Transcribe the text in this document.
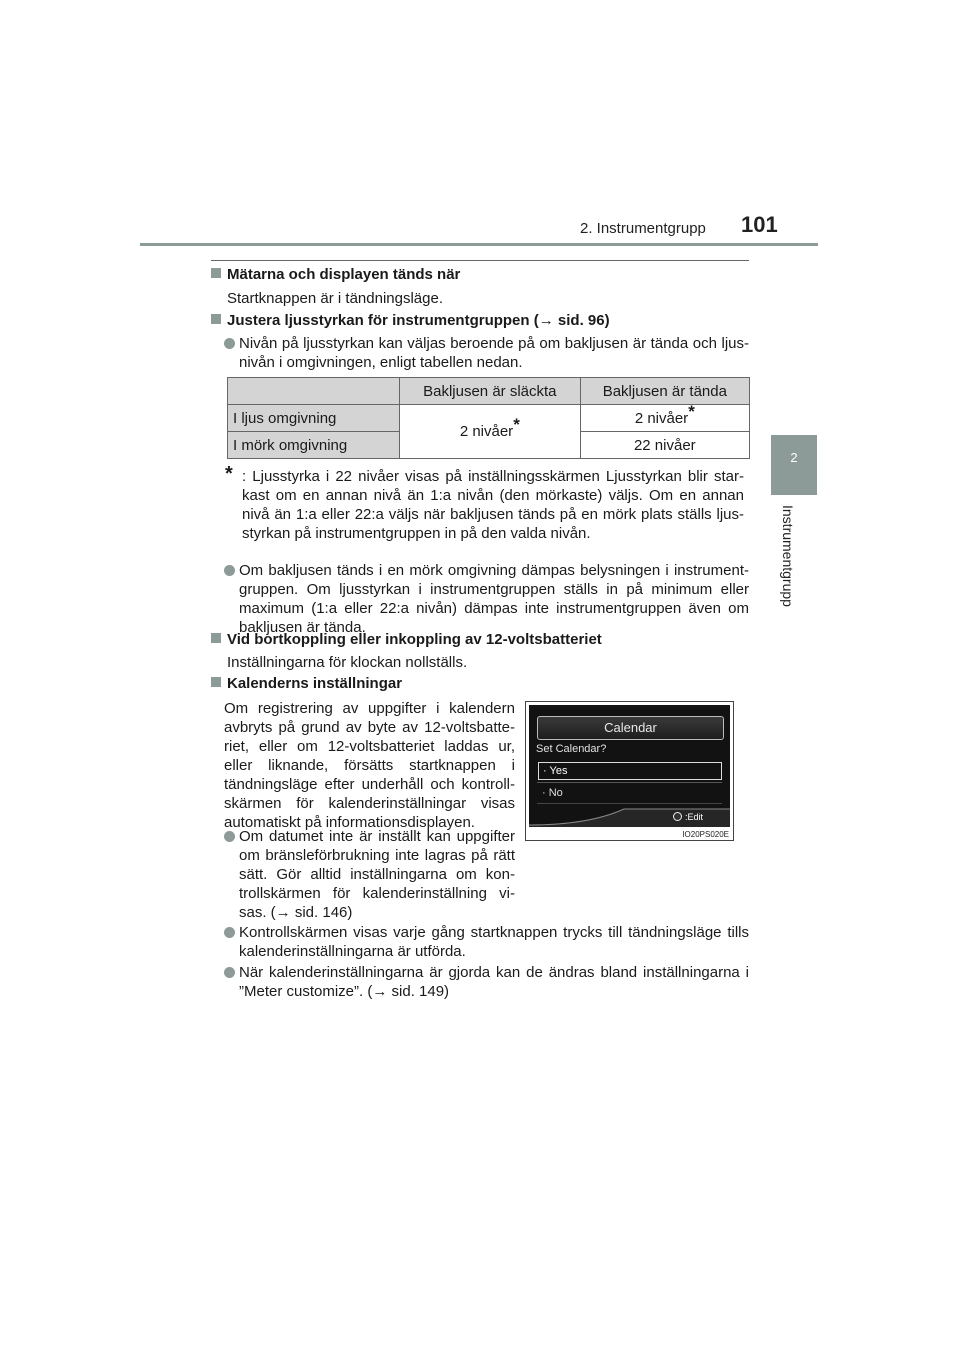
2. Instrumentgrupp 101
2
Instrumentgrupp
Mätarna och displayen tänds när
Startknappen är i tändningsläge.
Justera ljusstyrkan för instrumentgruppen (→ sid. 96)
Nivån på ljusstyrkan kan väljas beroende på om bakljusen är tända och ljus-nivån i omgivningen, enligt tabellen nedan.
	Bakljusen är släckta	Bakljusen är tända
I ljus omgivning	2 nivåer*	2 nivåer*
I mörk omgivning		22 nivåer
* : Ljusstyrka i 22 nivåer visas på inställningsskärmen Ljusstyrkan blir star-kast om en annan nivå än 1:a nivån (den mörkaste) väljs. Om en annan nivå än 1:a eller 22:a väljs när bakljusen tänds på en mörk plats ställs ljus-styrkan på instrumentgruppen in på den valda nivån.
Om bakljusen tänds i en mörk omgivning dämpas belysningen i instrument-gruppen. Om ljusstyrkan i instrumentgruppen ställs in på minimum eller maximum (1:a eller 22:a nivån) dämpas inte instrumentgruppen även om bakljusen är tända.
Vid bortkoppling eller inkoppling av 12-voltsbatteriet
Inställningarna för klockan nollställs.
Kalenderns inställningar
Om registrering av uppgifter i kalendern avbryts på grund av byte av 12-voltsbatte-riet, eller om 12-voltsbatteriet laddas ur, eller liknande, försätts startknappen i tändningsläge efter underhåll och kontroll-skärmen för kalenderinställningar visas automatiskt på informationsdisplayen.
Om datumet inte är inställt kan uppgifter om bränsleförbrukning inte lagras på rätt sätt. Gör alltid inställningarna om kon-trollskärmen för kalenderinställning vi-sas. (→ sid. 146)
Calendar
Set Calendar?
· Yes
· No
:Edit
IO20PS020E
Kontrollskärmen visas varje gång startknappen trycks till tändningsläge tills kalenderinställningarna är utförda.
När kalenderinställningarna är gjorda kan de ändras bland inställningarna i ”Meter customize”. (→ sid. 149)
